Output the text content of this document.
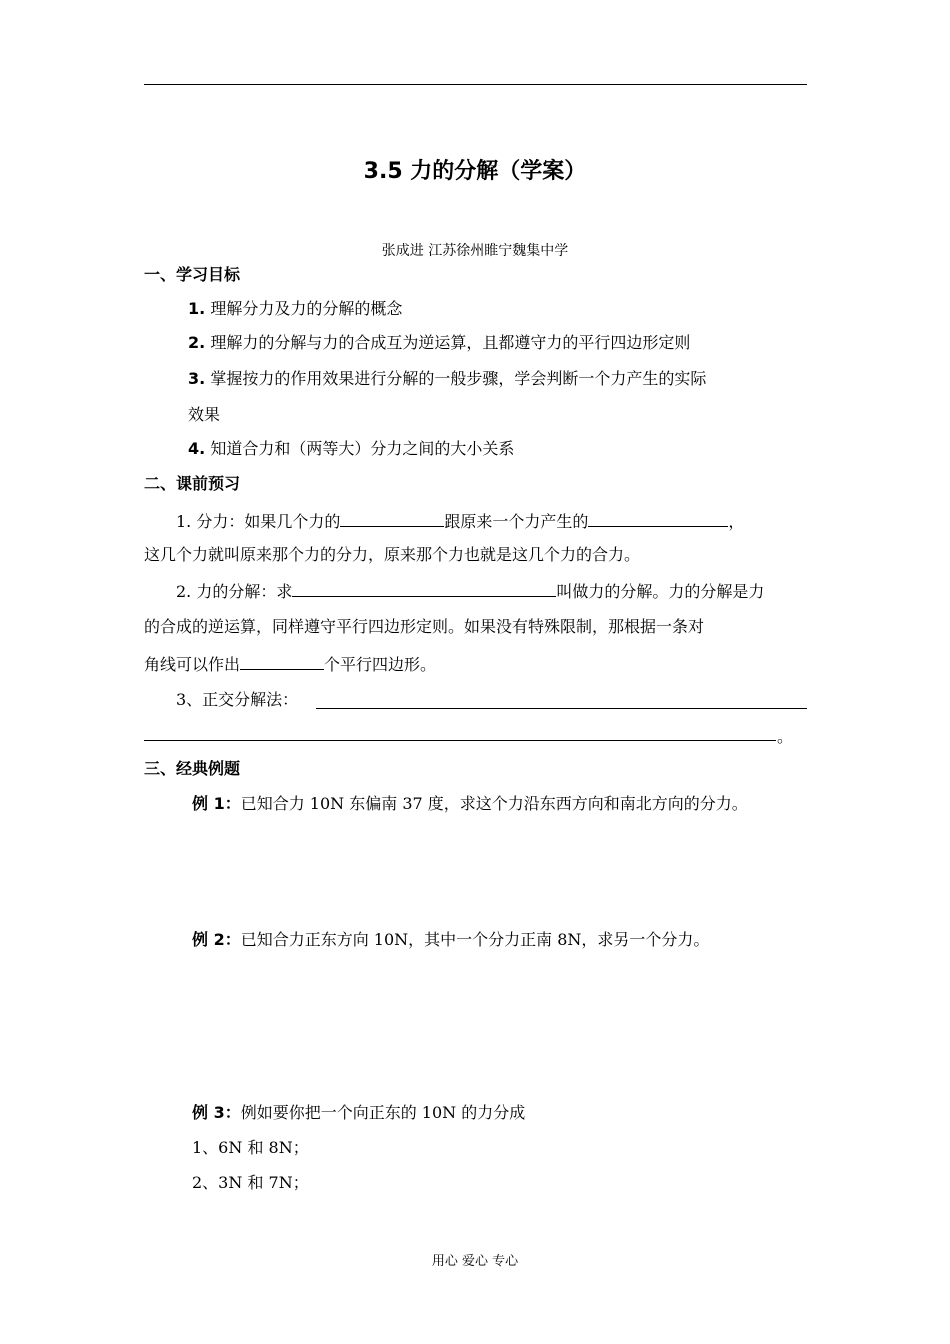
3.5 力的分解（学案）
张成进 江苏徐州睢宁魏集中学
一、学习目标
1. 理解分力及力的分解的概念
2. 理解力的分解与力的合成互为逆运算，且都遵守力的平行四边形定则
3. 掌握按力的作用效果进行分解的一般步骤，学会判断一个力产生的实际
效果
4. 知道合力和（两等大）分力之间的大小关系
二、课前预习
1. 分力：如果几个力的	跟原来一个力产生的	，
这几个力就叫原来那个力的分力，原来那个力也就是这几个力的合力。
2. 力的分解：求	叫做力的分解。力的分解是力
的合成的逆运算，同样遵守平行四边形定则。如果没有特殊限制，那根据一条对
角线可以作出	个平行四边形。
3、正交分解法：
。
三、经典例题
例 1：已知合力 10N 东偏南 37 度，求这个力沿东西方向和南北方向的分力。
例 2：已知合力正东方向 10N，其中一个分力正南 8N，求另一个分力。
例 3：例如要你把一个向正东的 10N 的力分成
1、6N 和 8N；
2、3N 和 7N；
用心 爱心 专心
